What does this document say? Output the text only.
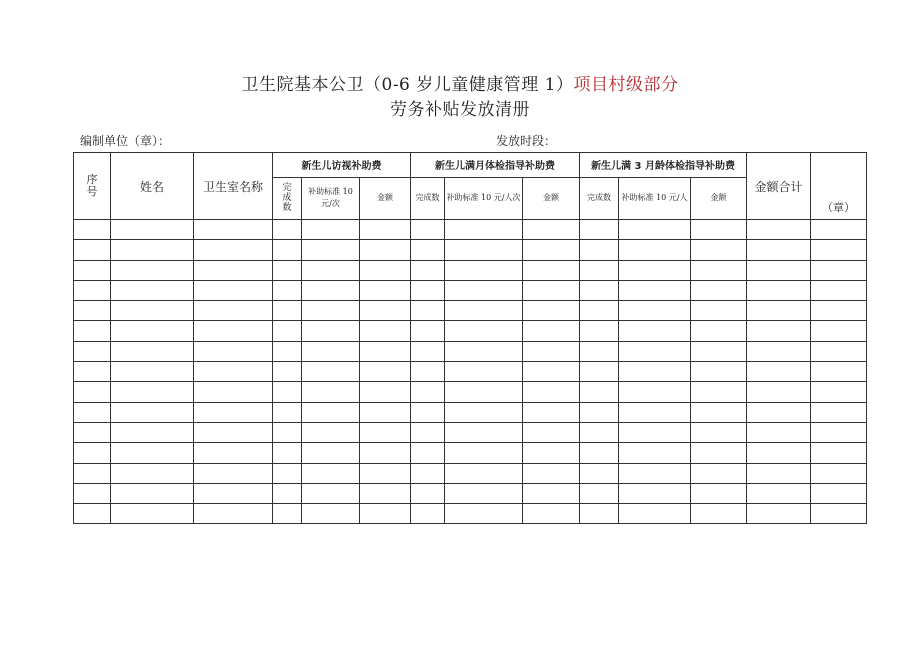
卫生院基本公卫（0-6 岁儿童健康管理 1）项目村级部分
劳务补贴发放清册
编制单位（章）：	发放时段：
序号	姓名	卫生室名称	新生儿访视补助费			新生儿满月体检指导补助费			新生儿满 3 月龄体检指导补助费			金额合计	（章）
			完成数	补助标准 10 元/次	金额	完成数	补助标准 10 元/人次	金额	完成数	补助标准 10 元/人	金额		
